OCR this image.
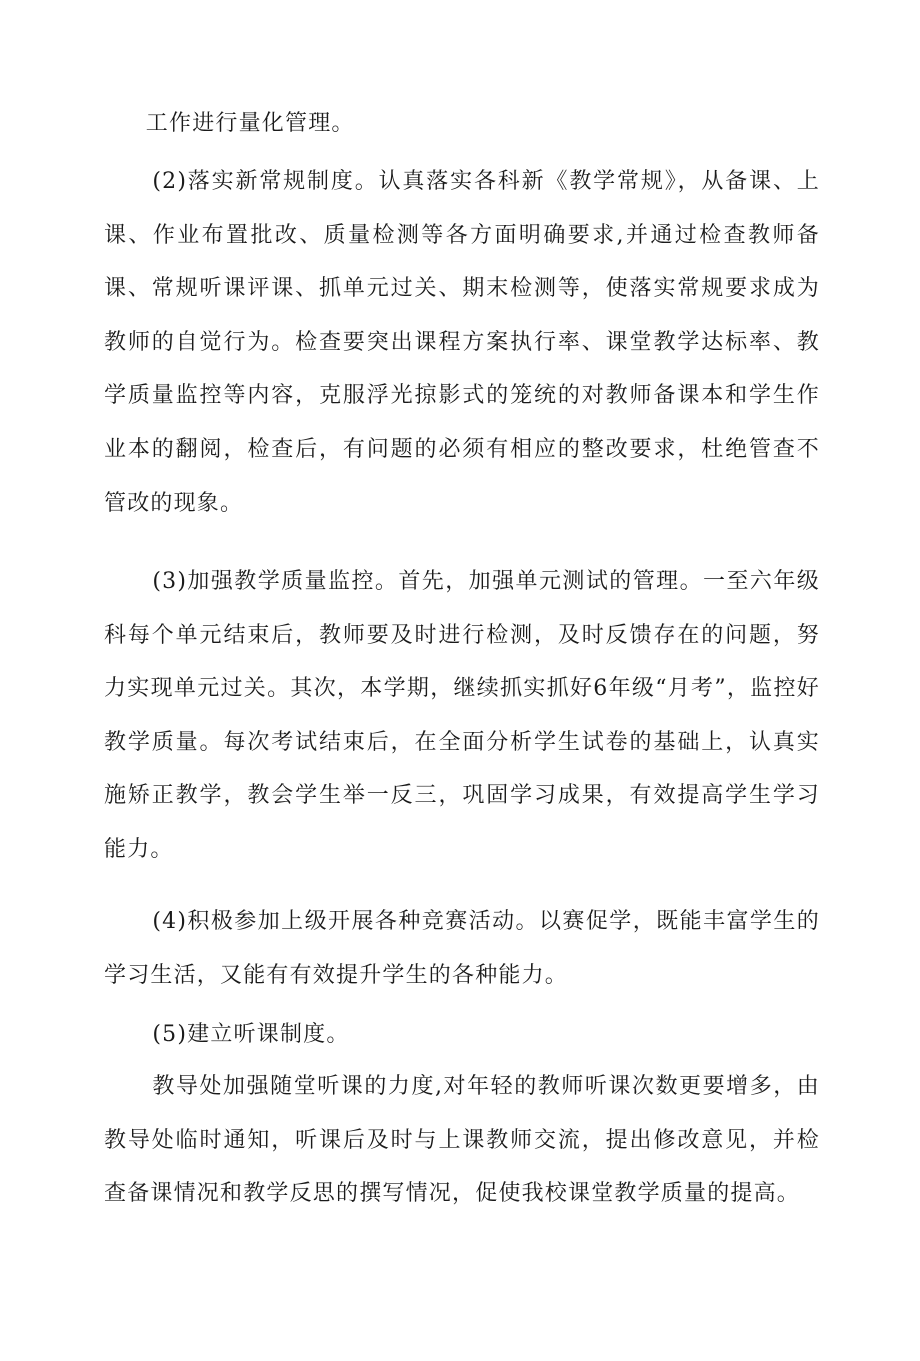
工作进行量化管理。

(2)落实新常规制度。认真落实各科新《教学常规》，从备课、上课、作业布置批改、质量检测等各方面明确要求,并通过检查教师备课、常规听课评课、抓单元过关、期末检测等，使落实常规要求成为教师的自觉行为。检查要突出课程方案执行率、课堂教学达标率、教学质量监控等内容，克服浮光掠影式的笼统的对教师备课本和学生作业本的翻阅，检查后，有问题的必须有相应的整改要求，杜绝管查不管改的现象。

(3)加强教学质量监控。首先，加强单元测试的管理。一至六年级科每个单元结束后，教师要及时进行检测，及时反馈存在的问题，努力实现单元过关。其次，本学期，继续抓实抓好6年级“月考”，监控好教学质量。每次考试结束后，在全面分析学生试卷的基础上，认真实施矫正教学，教会学生举一反三，巩固学习成果，有效提高学生学习能力。

(4)积极参加上级开展各种竞赛活动。以赛促学，既能丰富学生的学习生活，又能有有效提升学生的各种能力。

(5)建立听课制度。

教导处加强随堂听课的力度,对年轻的教师听课次数更要增多，由教导处临时通知，听课后及时与上课教师交流，提出修改意见，并检查备课情况和教学反思的撰写情况，促使我校课堂教学质量的提高。
